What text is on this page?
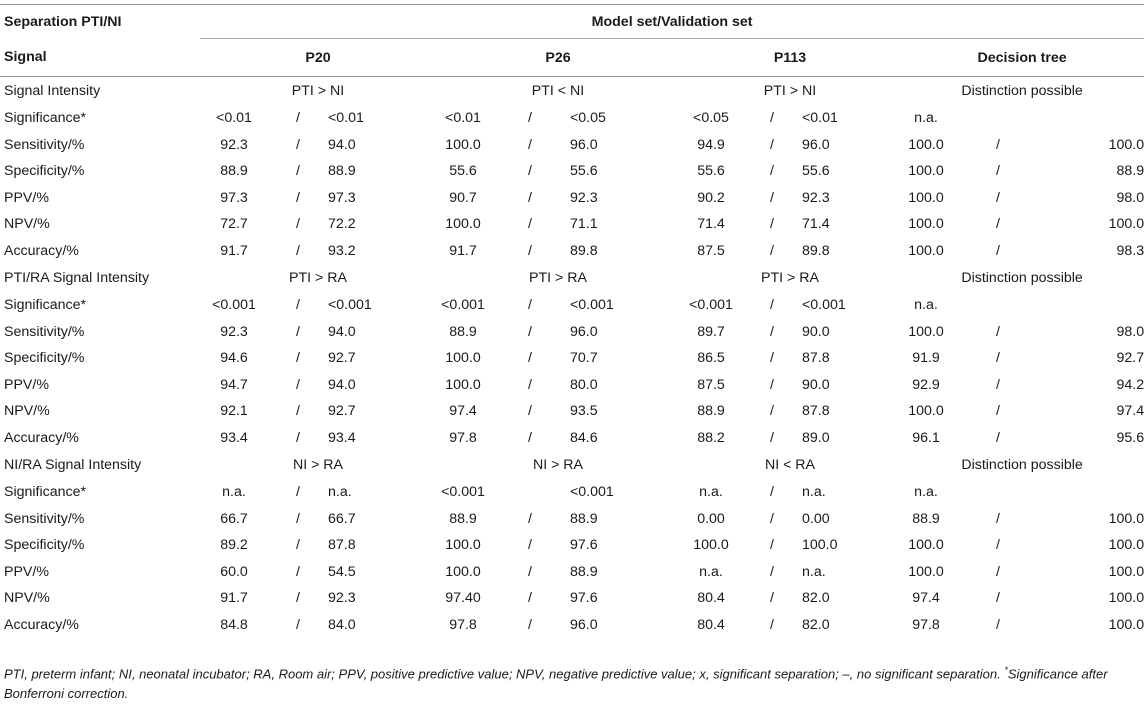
Separation PTI/NI	Model set/Validation set											
Signal	P20			P26			P113			Decision tree		
Signal Intensity	PTI > NI			PTI < NI			PTI > NI			Distinction possible		
Significance*	<0.01	/	<0.01	<0.01	/	<0.05	<0.05	/	<0.01	n.a.		
Sensitivity/%	92.3	/	94.0	100.0	/	96.0	94.9	/	96.0	100.0	/	100.0
Specificity/%	88.9	/	88.9	55.6	/	55.6	55.6	/	55.6	100.0	/	88.9
PPV/%	97.3	/	97.3	90.7	/	92.3	90.2	/	92.3	100.0	/	98.0
NPV/%	72.7	/	72.2	100.0	/	71.1	71.4	/	71.4	100.0	/	100.0
Accuracy/%	91.7	/	93.2	91.7	/	89.8	87.5	/	89.8	100.0	/	98.3
PTI/RA Signal Intensity	PTI > RA			PTI > RA			PTI > RA			Distinction possible		
Significance*	<0.001	/	<0.001	<0.001	/	<0.001	<0.001	/	<0.001	n.a.		
Sensitivity/%	92.3	/	94.0	88.9	/	96.0	89.7	/	90.0	100.0	/	98.0
Specificity/%	94.6	/	92.7	100.0	/	70.7	86.5	/	87.8	91.9	/	92.7
PPV/%	94.7	/	94.0	100.0	/	80.0	87.5	/	90.0	92.9	/	94.2
NPV/%	92.1	/	92.7	97.4	/	93.5	88.9	/	87.8	100.0	/	97.4
Accuracy/%	93.4	/	93.4	97.8	/	84.6	88.2	/	89.0	96.1	/	95.6
NI/RA Signal Intensity	NI > RA			NI > RA			NI < RA			Distinction possible		
Significance*	n.a.	/	n.a.	<0.001		<0.001	n.a.	/	n.a.	n.a.		
Sensitivity/%	66.7	/	66.7	88.9	/	88.9	0.00	/	0.00	88.9	/	100.0
Specificity/%	89.2	/	87.8	100.0	/	97.6	100.0	/	100.0	100.0	/	100.0
PPV/%	60.0	/	54.5	100.0	/	88.9	n.a.	/	n.a.	100.0	/	100.0
NPV/%	91.7	/	92.3	97.40	/	97.6	80.4	/	82.0	97.4	/	100.0
Accuracy/%	84.8	/	84.0	97.8	/	96.0	80.4	/	82.0	97.8	/	100.0
PTI, preterm infant; NI, neonatal incubator; RA, Room air; PPV, positive predictive value; NPV, negative predictive value; x, significant separation; –, no significant separation. *Significance after Bonferroni correction.
